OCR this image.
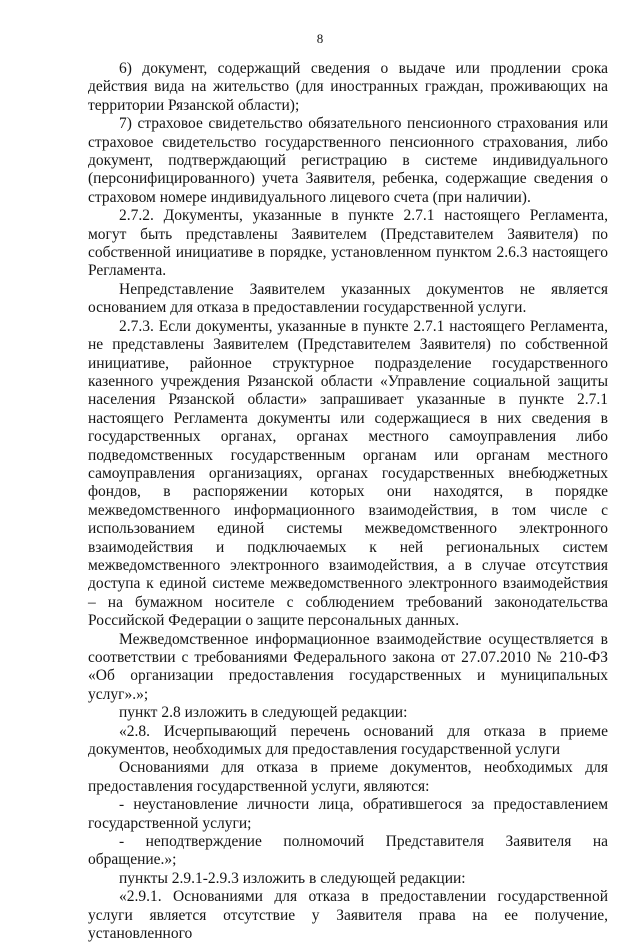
8

6) документ, содержащий сведения о выдаче или продлении срока действия вида на жительство (для иностранных граждан, проживающих на территории Рязанской области);

7) страховое свидетельство обязательного пенсионного страхования или страховое свидетельство государственного пенсионного страхования, либо документ, подтверждающий регистрацию в системе индивидуального (персонифицированного) учета Заявителя, ребенка, содержащие сведения о страховом номере индивидуального лицевого счета (при наличии).

2.7.2. Документы, указанные в пункте 2.7.1 настоящего Регламента, могут быть представлены Заявителем (Представителем Заявителя) по собственной инициативе в порядке, установленном пунктом 2.6.3 настоящего Регламента.

Непредставление Заявителем указанных документов не является основанием для отказа в предоставлении государственной услуги.

2.7.3. Если документы, указанные в пункте 2.7.1 настоящего Регламента, не представлены Заявителем (Представителем Заявителя) по собственной инициативе, районное структурное подразделение государственного казенного учреждения Рязанской области «Управление социальной защиты населения Рязанской области» запрашивает указанные в пункте 2.7.1 настоящего Регламента документы или содержащиеся в них сведения в государственных органах, органах местного самоуправления либо подведомственных государственным органам или органам местного самоуправления организациях, органах государственных внебюджетных фондов, в распоряжении которых они находятся, в порядке межведомственного информационного взаимодействия, в том числе с использованием единой системы межведомственного электронного взаимодействия и подключаемых к ней региональных систем межведомственного электронного взаимодействия, а в случае отсутствия доступа к единой системе межведомственного электронного взаимодействия – на бумажном носителе с соблюдением требований законодательства Российской Федерации о защите персональных данных.

Межведомственное информационное взаимодействие осуществляется в соответствии с требованиями Федерального закона от 27.07.2010 № 210-ФЗ «Об организации предоставления государственных и муниципальных услуг».»;

пункт 2.8 изложить в следующей редакции:

«2.8. Исчерпывающий перечень оснований для отказа в приеме документов, необходимых для предоставления государственной услуги

Основаниями для отказа в приеме документов, необходимых для предоставления государственной услуги, являются:

- неустановление личности лица, обратившегося за предоставлением государственной услуги;

- неподтверждение полномочий Представителя Заявителя на обращение.»;

пункты 2.9.1-2.9.3 изложить в следующей редакции:

«2.9.1. Основаниями для отказа в предоставлении государственной услуги является отсутствие у Заявителя права на ее получение, установленного
